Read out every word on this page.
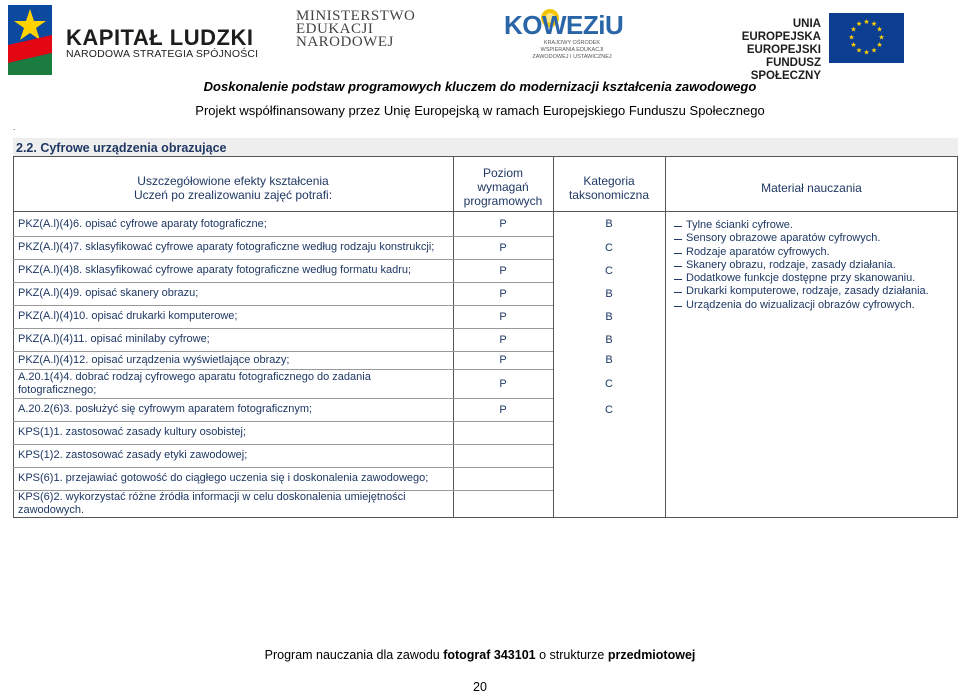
KAPITAŁ LUDZKI
NARODOWA STRATEGIA SPÓJNOŚCI
MINISTERSTWO
EDUKACJI
NARODOWEJ
KOWEZiU
KRAJOWY OŚRODEK WSPIERANIA EDUKACJI ZAWODOWEJ I USTAWICZNEJ
UNIA EUROPEJSKA
EUROPEJSKI
FUNDUSZ SPOŁECZNY
★ ★
★
★
★
★
★
★
★
★
★
★
Doskonalenie podstaw programowych kluczem do modernizacji kształcenia zawodowego
Projekt współfinansowany przez Unię Europejską w ramach Europejskiego Funduszu Społecznego
.
2.2. Cyfrowe urządzenia obrazujące
Uszczegółowione efekty kształcenia
Uczeń po zrealizowaniu zajęć potrafi:
Poziom
wymagań
programowych
Kategoria
taksonomiczna	Materiał nauczania
PKZ(A.l)(4)6. opisać cyfrowe aparaty fotograficzne;	P	B
PKZ(A.l)(4)7. sklasyfikować cyfrowe aparaty fotograficzne według rodzaju konstrukcji;	P	C
PKZ(A.l)(4)8. sklasyfikować cyfrowe aparaty fotograficzne według formatu kadru;	P	C
PKZ(A.l)(4)9. opisać skanery obrazu;	P	B
PKZ(A.l)(4)10. opisać drukarki komputerowe;	P	B
PKZ(A.l)(4)11. opisać minilaby cyfrowe;	P	B
PKZ(A.l)(4)12. opisać urządzenia wyświetlające obrazy;	P	B
A.20.1(4)4. dobrać rodzaj cyfrowego aparatu fotograficznego do zadania fotograficznego;	P	C
A.20.2(6)3. posłużyć się cyfrowym aparatem fotograficznym;	P	C
KPS(1)1. zastosować zasady kultury osobistej;
KPS(1)2. zastosować zasady etyki zawodowej;
KPS(6)1. przejawiać gotowość do ciągłego uczenia się i doskonalenia zawodowego;
KPS(6)2. wykorzystać różne źródła informacji w celu doskonalenia umiejętności zawodowych.
Tylne ścianki cyfrowe.
Sensory obrazowe aparatów cyfrowych.
Rodzaje aparatów cyfrowych.
Skanery obrazu, rodzaje, zasady działania.
Dodatkowe funkcje dostępne przy skanowaniu.
Drukarki komputerowe, rodzaje, zasady działania.
Urządzenia do wizualizacji obrazów cyfrowych.
Program nauczania dla zawodu fotograf 343101 o strukturze przedmiotowej
20
